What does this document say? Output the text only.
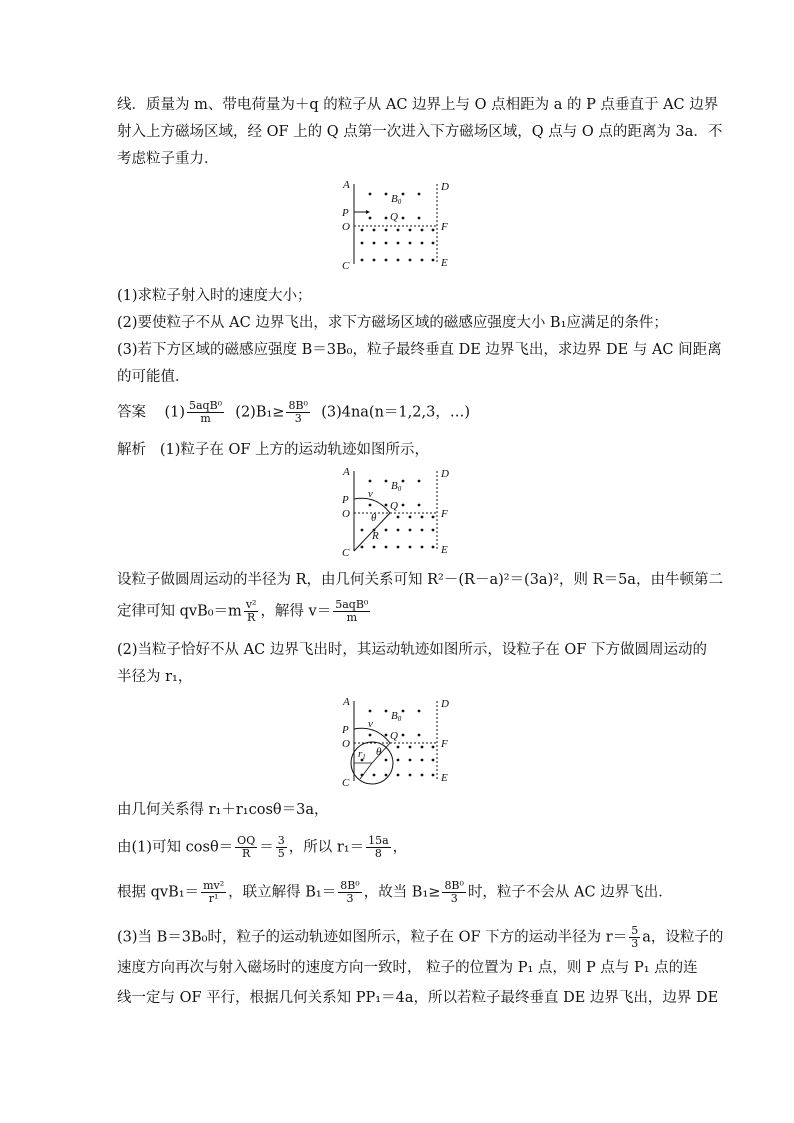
线．质量为 m、带电荷量为＋q 的粒子从 AC 边界上与 O 点相距为 a 的 P 点垂直于 AC 边界
射入上方磁场区域，经 OF 上的 Q 点第一次进入下方磁场区域，Q 点与 O 点的距离为 3a．不
考虑粒子重力．
A	D
P
O	F
C	E
Q
B0
(1)求粒子射入时的速度大小；
(2)要使粒子不从 AC 边界飞出，求下方磁场区域的磁感应强度大小 B₁应满足的条件；
(3)若下方区域的磁感应强度 B＝3B₀，粒子最终垂直 DE 边界飞出，求边界 DE 与 AC 间距离
的可能值．
答案 $(1) \frac{\text{5aqB⁰}}{m} (2)B_1\ge \frac{\text{8B⁰}}{3} (3)4na(n=1,2,3$，…)
解析 (1)粒子在 OF 上方的运动轨迹如图所示，
A	D
P
O	F
C	E
Q
v
R
θ
B0
设粒子做圆周运动的半径为 R，由几何关系可知 R²－(R－a)²＝(3a)²，则 R＝5a，由牛顿第二
定律可知 $qvB_0=m \frac{\text{v²}}{R}$ ，解得 $v= \frac{\text{5aqB⁰}}{m}$
(2)当粒子恰好不从 AC 边界飞出时，其运动轨迹如图所示，设粒子在 OF 下方做圆周运动的
半径为 r₁，
A	D
P
O	F
C	E
Q
v
r1 θ
B0
由几何关系得 r₁＋r₁cosθ＝3a，
由(1)可知 $\cos\theta= \frac{OQ}{R} = \frac{3}{5}$ ，所以 $r_1= \frac{15a}{8}$ ，
根据 $qvB_1= \frac{\text{mv²}}{\text{r¹}}$ ，联立解得 $B_1= \frac{\text{8B⁰}}{3}$ ，故当 $B_1\ge \frac{\text{8B⁰}}{3}$ 时，粒子不会从 AC 边界飞出．
(3)当 B＝3B₀时，粒子的运动轨迹如图所示，粒子在 OF 下方的运动半径为 $r= \frac{5}{3}$ a，设粒子的
速度方向再次与射入磁场时的速度方向一致时， 粒子的位置为 P₁ 点，则 P 点与 P₁ 点的连
线一定与 OF 平行，根据几何关系知 PP₁＝4a，所以若粒子最终垂直 DE 边界飞出，边界 DE
